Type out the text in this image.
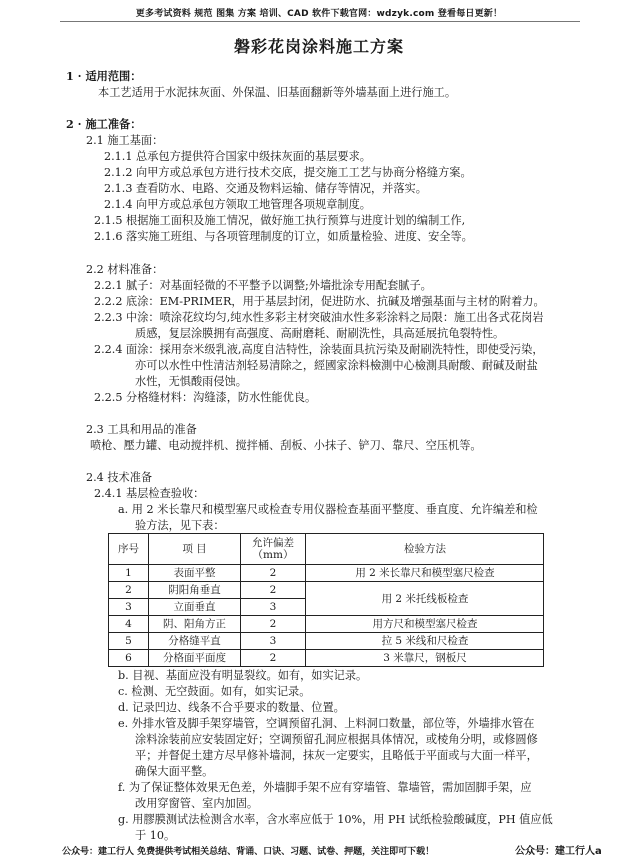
更多考试资料 规范 图集 方案 培训、CAD 软件下载官网：wdzyk.com 登看每日更新！
磐彩花岗涂料施工方案
1 · 适用范围：
本工艺适用于水泥抹灰面、外保温、旧基面翻新等外墙基面上进行施工。
2 · 施工准备：
2.1 施工基面：
2.1.1 总承包方提供符合国家中级抹灰面的基层要求。
2.1.2 向甲方或总承包方进行技术交底，提交施工工艺与协商分格缝方案。
2.1.3 查看防水、电路、交通及物料运输、储存等情况，并落实。
2.1.4 向甲方或总承包方领取工地管理各项规章制度。
2.1.5 根据施工面积及施工情况，做好施工执行预算与进度计划的编制工作,
2.1.6 落实施工班组、与各项管理制度的订立，如质量检验、进度、安全等。
2.2 材料准备：
2.2.1 腻子：对基面轻微的不平整予以调整;外墙批涂专用配套腻子。
2.2.2 底涂：EM-PRIMER，用于基层封闭，促进防水、抗碱及增强基面与主材的附着力。
2.2.3 中涂：喷涂花纹均匀,纯水性多彩主材突破油水性多彩涂料之局限：施工出各式花岗岩
质感，复层涂膜拥有高强度、高耐磨耗、耐刷洗性，具高延展抗龟裂特性。
2.2.4 面涂：採用奈米级乳液,高度自洁特性，涂装面具抗污染及耐刷洗特性，即使受污染，
亦可以水性中性清洁剂轻易清除之，經國家涂料檢測中心檢測具耐酸、耐碱及耐盐
水性，无惧酸雨侵蚀。
2.2.5 分格缝材料：沟缝漆，防水性能优良。
2.3 工具和用品的准备
喷枪、壓力罐、电动搅拌机、搅拌桶、刮板、小抹子、铲刀、靠尺、空压机等。
2.4 技术准备
2.4.1 基层检查验收：
a. 用 2 米长靠尺和模型塞尺或检查专用仪器检查基面平整度、垂直度、允许编差和检
验方法，见下表：
序号	项 目	允许偏差（mm）	检验方法
1	表面平整	2	用 2 米长靠尺和模型塞尺检查
2	阴阳角垂直	2
用 2 米托线板检查
3	立面垂直	3
4	阴、阳角方正	2	用方尺和模型塞尺检查
5	分格缝平直	3	拉 5 米线和尺检查
6	分格面平面度	2	3 米靠尺，钢板尺
b. 目视、基面应没有明显裂纹。如有，如实记录。
c. 检测、无空鼓面。如有，如实记录。
d. 记录凹边、线条不合乎要求的数量、位置。
e. 外排水管及脚手架穿墙管，空调预留孔洞、上料洞口数量，部位等，外墙排水管在
涂料涂装前应安装固定好；空调预留孔洞应根据具体情况，或棱角分明，或修圆修
平；并督促土建方尽早修补墙洞，抹灰一定要实，且略低于平面或与大面一样平，
确保大面平整。
f. 为了保证整体效果无色差，外墙脚手架不应有穿墙管、靠墙管，需加固脚手架，应
改用穿窗管、室内加固。
g. 用膠膜测试法检测含水率，含水率应低于 10%，用 PH 试纸检验酸碱度，PH 值应低
于 10。
公众号：建工行人 免费提供考试相关总结、背诵、口诀、习题、试卷、押题，关注即可下载！	公众号：建工行人a
